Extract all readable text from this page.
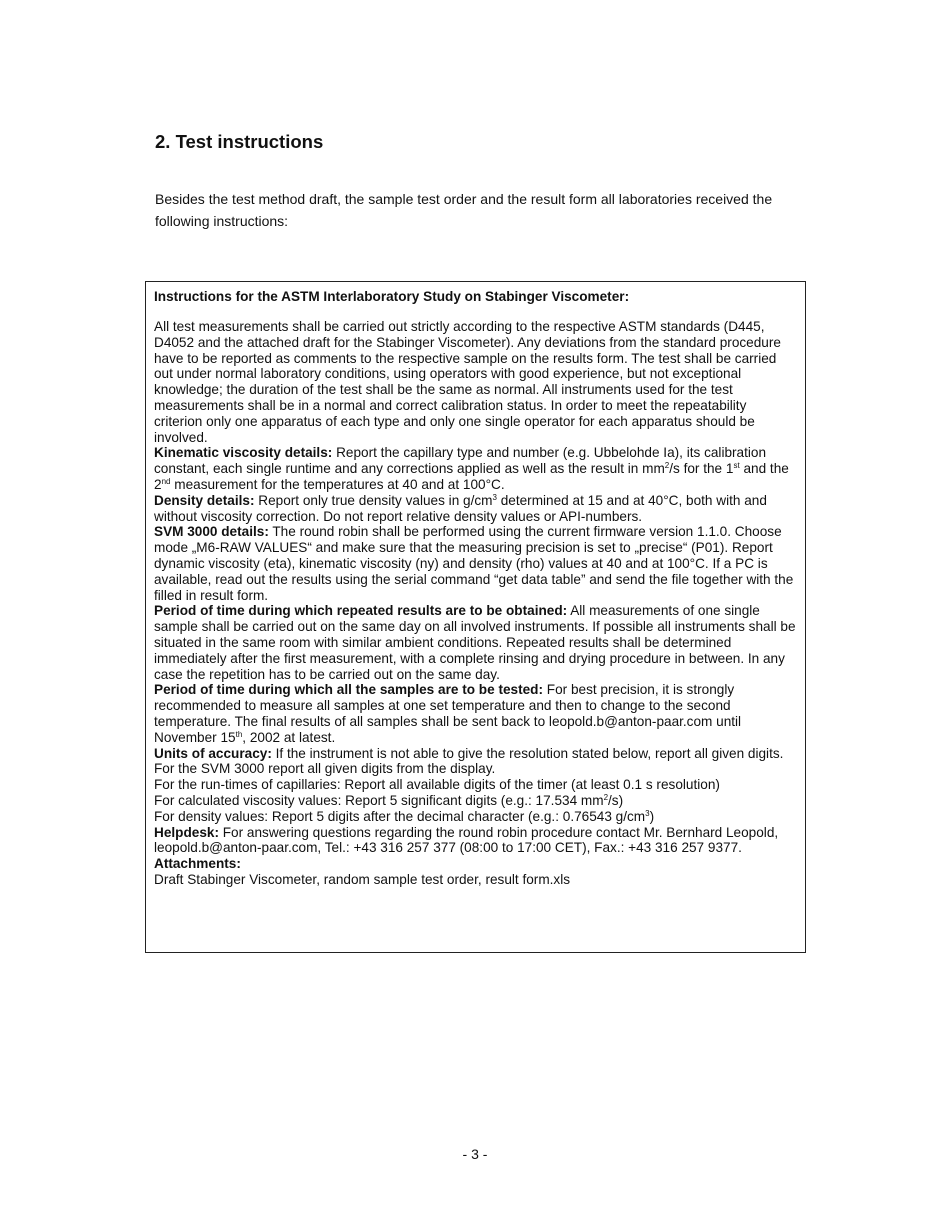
2. Test instructions

Besides the test method draft, the sample test order and the result form all laboratories received the following instructions:

Instructions for the ASTM Interlaboratory Study on Stabinger Viscometer:

All test measurements shall be carried out strictly according to the respective ASTM standards (D445, D4052 and the attached draft for the Stabinger Viscometer). Any deviations from the standard procedure have to be reported as comments to the respective sample on the results form. The test shall be carried out under normal laboratory conditions, using operators with good experience, but not exceptional knowledge; the duration of the test shall be the same as normal. All instruments used for the test measurements shall be in a normal and correct calibration status. In order to meet the repeatability criterion only one apparatus of each type and only one single operator for each apparatus should be involved.

Kinematic viscosity details: Report the capillary type and number (e.g. Ubbelohde Ia), its calibration constant, each single runtime and any corrections applied as well as the result in $mm^2/s$ for the 1st and the 2nd measurement for the temperatures at 40 and at 100°C.

Density details: Report only true density values in $g/cm^3$ determined at 15 and at 40°C, both with and without viscosity correction. Do not report relative density values or API-numbers.

SVM 3000 details: The round robin shall be performed using the current firmware version 1.1.0. Choose mode „M6-RAW VALUES“ and make sure that the measuring precision is set to „precise“ (P01). Report dynamic viscosity (eta), kinematic viscosity (ny) and density (rho) values at 40 and at 100°C. If a PC is available, read out the results using the serial command “get data table” and send the file together with the filled in result form.

Period of time during which repeated results are to be obtained: All measurements of one single sample shall be carried out on the same day on all involved instruments. If possible all instruments shall be situated in the same room with similar ambient conditions. Repeated results shall be determined immediately after the first measurement, with a complete rinsing and drying procedure in between. In any case the repetition has to be carried out on the same day.

Period of time during which all the samples are to be tested: For best precision, it is strongly recommended to measure all samples at one set temperature and then to change to the second temperature. The final results of all samples shall be sent back to leopold.b@anton-paar.com until November 15th, 2002 at latest.

Units of accuracy: If the instrument is not able to give the resolution stated below, report all given digits.

For the SVM 3000 report all given digits from the display.

For the run-times of capillaries: Report all available digits of the timer (at least 0.1 s resolution)

For calculated viscosity values: Report 5 significant digits (e.g.: 17.534 $mm^2/s$)

For density values: Report 5 digits after the decimal character (e.g.: 0.76543 $g/cm^3$)

Helpdesk: For answering questions regarding the round robin procedure contact Mr. Bernhard Leopold, leopold.b@anton-paar.com, Tel.: +43 316 257 377 (08:00 to 17:00 CET), Fax.: +43 316 257 9377.

Attachments:

Draft Stabinger Viscometer, random sample test order, result form.xls

- 3 -
